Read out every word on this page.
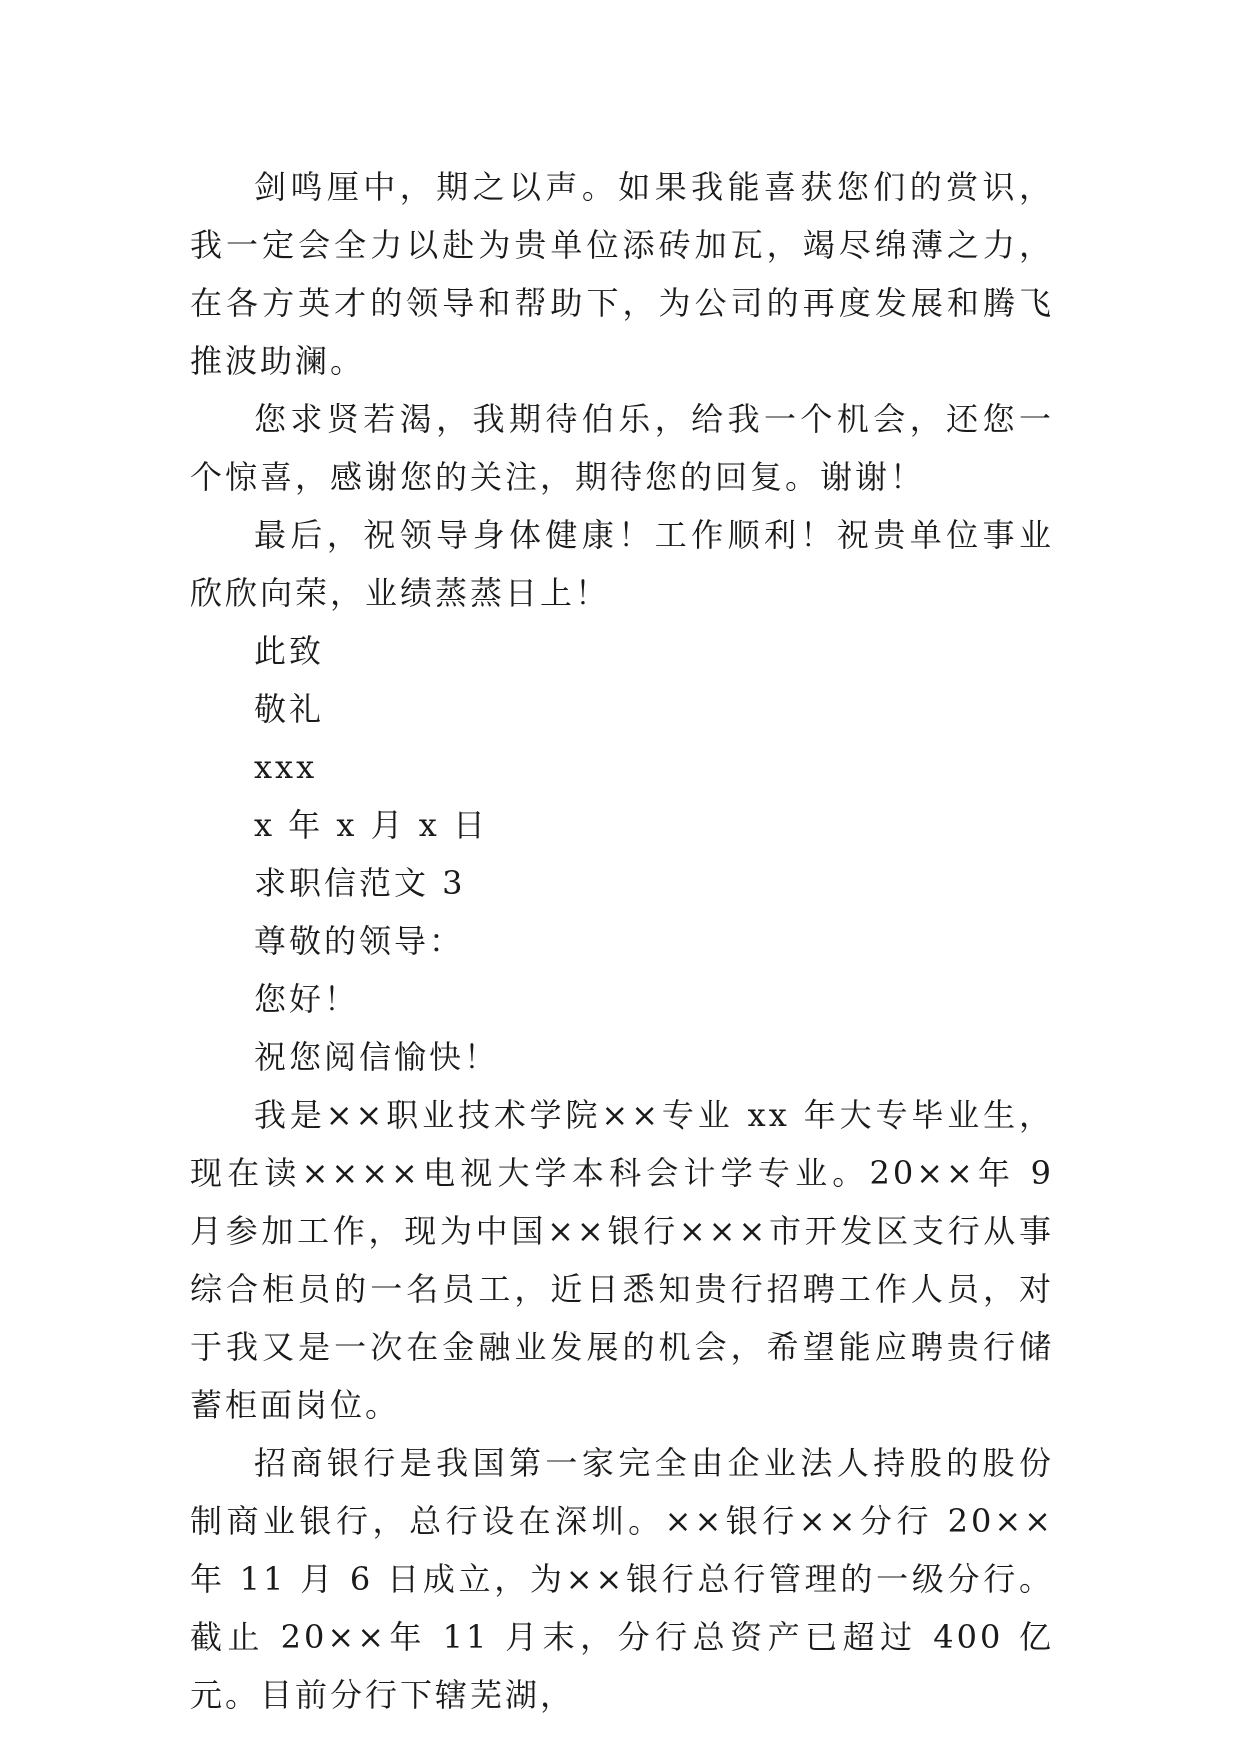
剑鸣厘中，期之以声。如果我能喜获您们的赏识，我一定会全力以赴为贵单位添砖加瓦，竭尽绵薄之力，在各方英才的领导和帮助下，为公司的再度发展和腾飞推波助澜。

您求贤若渴，我期待伯乐，给我一个机会，还您一个惊喜，感谢您的关注，期待您的回复。谢谢！

最后，祝领导身体健康！工作顺利！祝贵单位事业欣欣向荣，业绩蒸蒸日上！

此致

敬礼

xxx

x 年 x 月 x 日

求职信范文 3

尊敬的领导：

您好！

祝您阅信愉快！

我是××职业技术学院××专业 xx 年大专毕业生，现在读××××电视大学本科会计学专业。20××年 9 月参加工作，现为中国××银行×××市开发区支行从事综合柜员的一名员工，近日悉知贵行招聘工作人员，对于我又是一次在金融业发展的机会，希望能应聘贵行储蓄柜面岗位。

招商银行是我国第一家完全由企业法人持股的股份制商业银行，总行设在深圳。××银行××分行 20××年 11 月 6 日成立，为××银行总行管理的一级分行。截止 20××年 11 月末，分行总资产已超过 400 亿元。目前分行下辖芜湖，
